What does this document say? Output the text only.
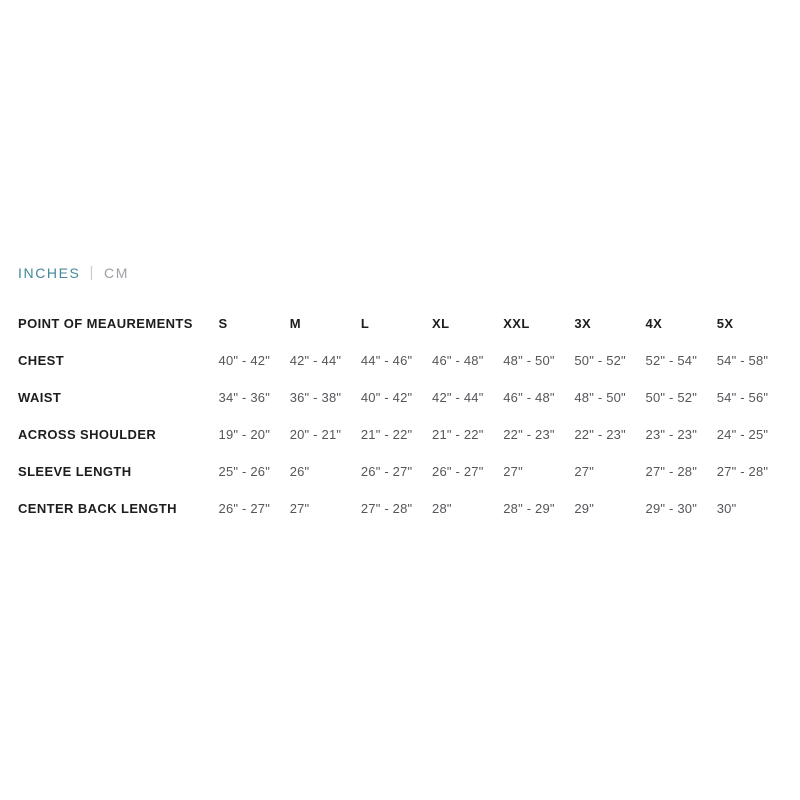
INCHES | CM
POINT OF MEAUREMENTS	S	M	L	XL	XXL	3X	4X	5X
CHEST	40" - 42"	42" - 44"	44" - 46"	46" - 48"	48" - 50"	50" - 52"	52" - 54"	54" - 58"
WAIST	34" - 36"	36" - 38"	40" - 42"	42" - 44"	46" - 48"	48" - 50"	50" - 52"	54" - 56"
ACROSS SHOULDER	19" - 20"	20" - 21"	21" - 22"	21" - 22"	22" - 23"	22" - 23"	23" - 23"	24" - 25"
SLEEVE LENGTH	25" - 26"	26"	26" - 27"	26" - 27"	27"	27"	27" - 28"	27" - 28"
CENTER BACK LENGTH	26" - 27"	27"	27" - 28"	28"	28" - 29"	29"	29" - 30"	30"
